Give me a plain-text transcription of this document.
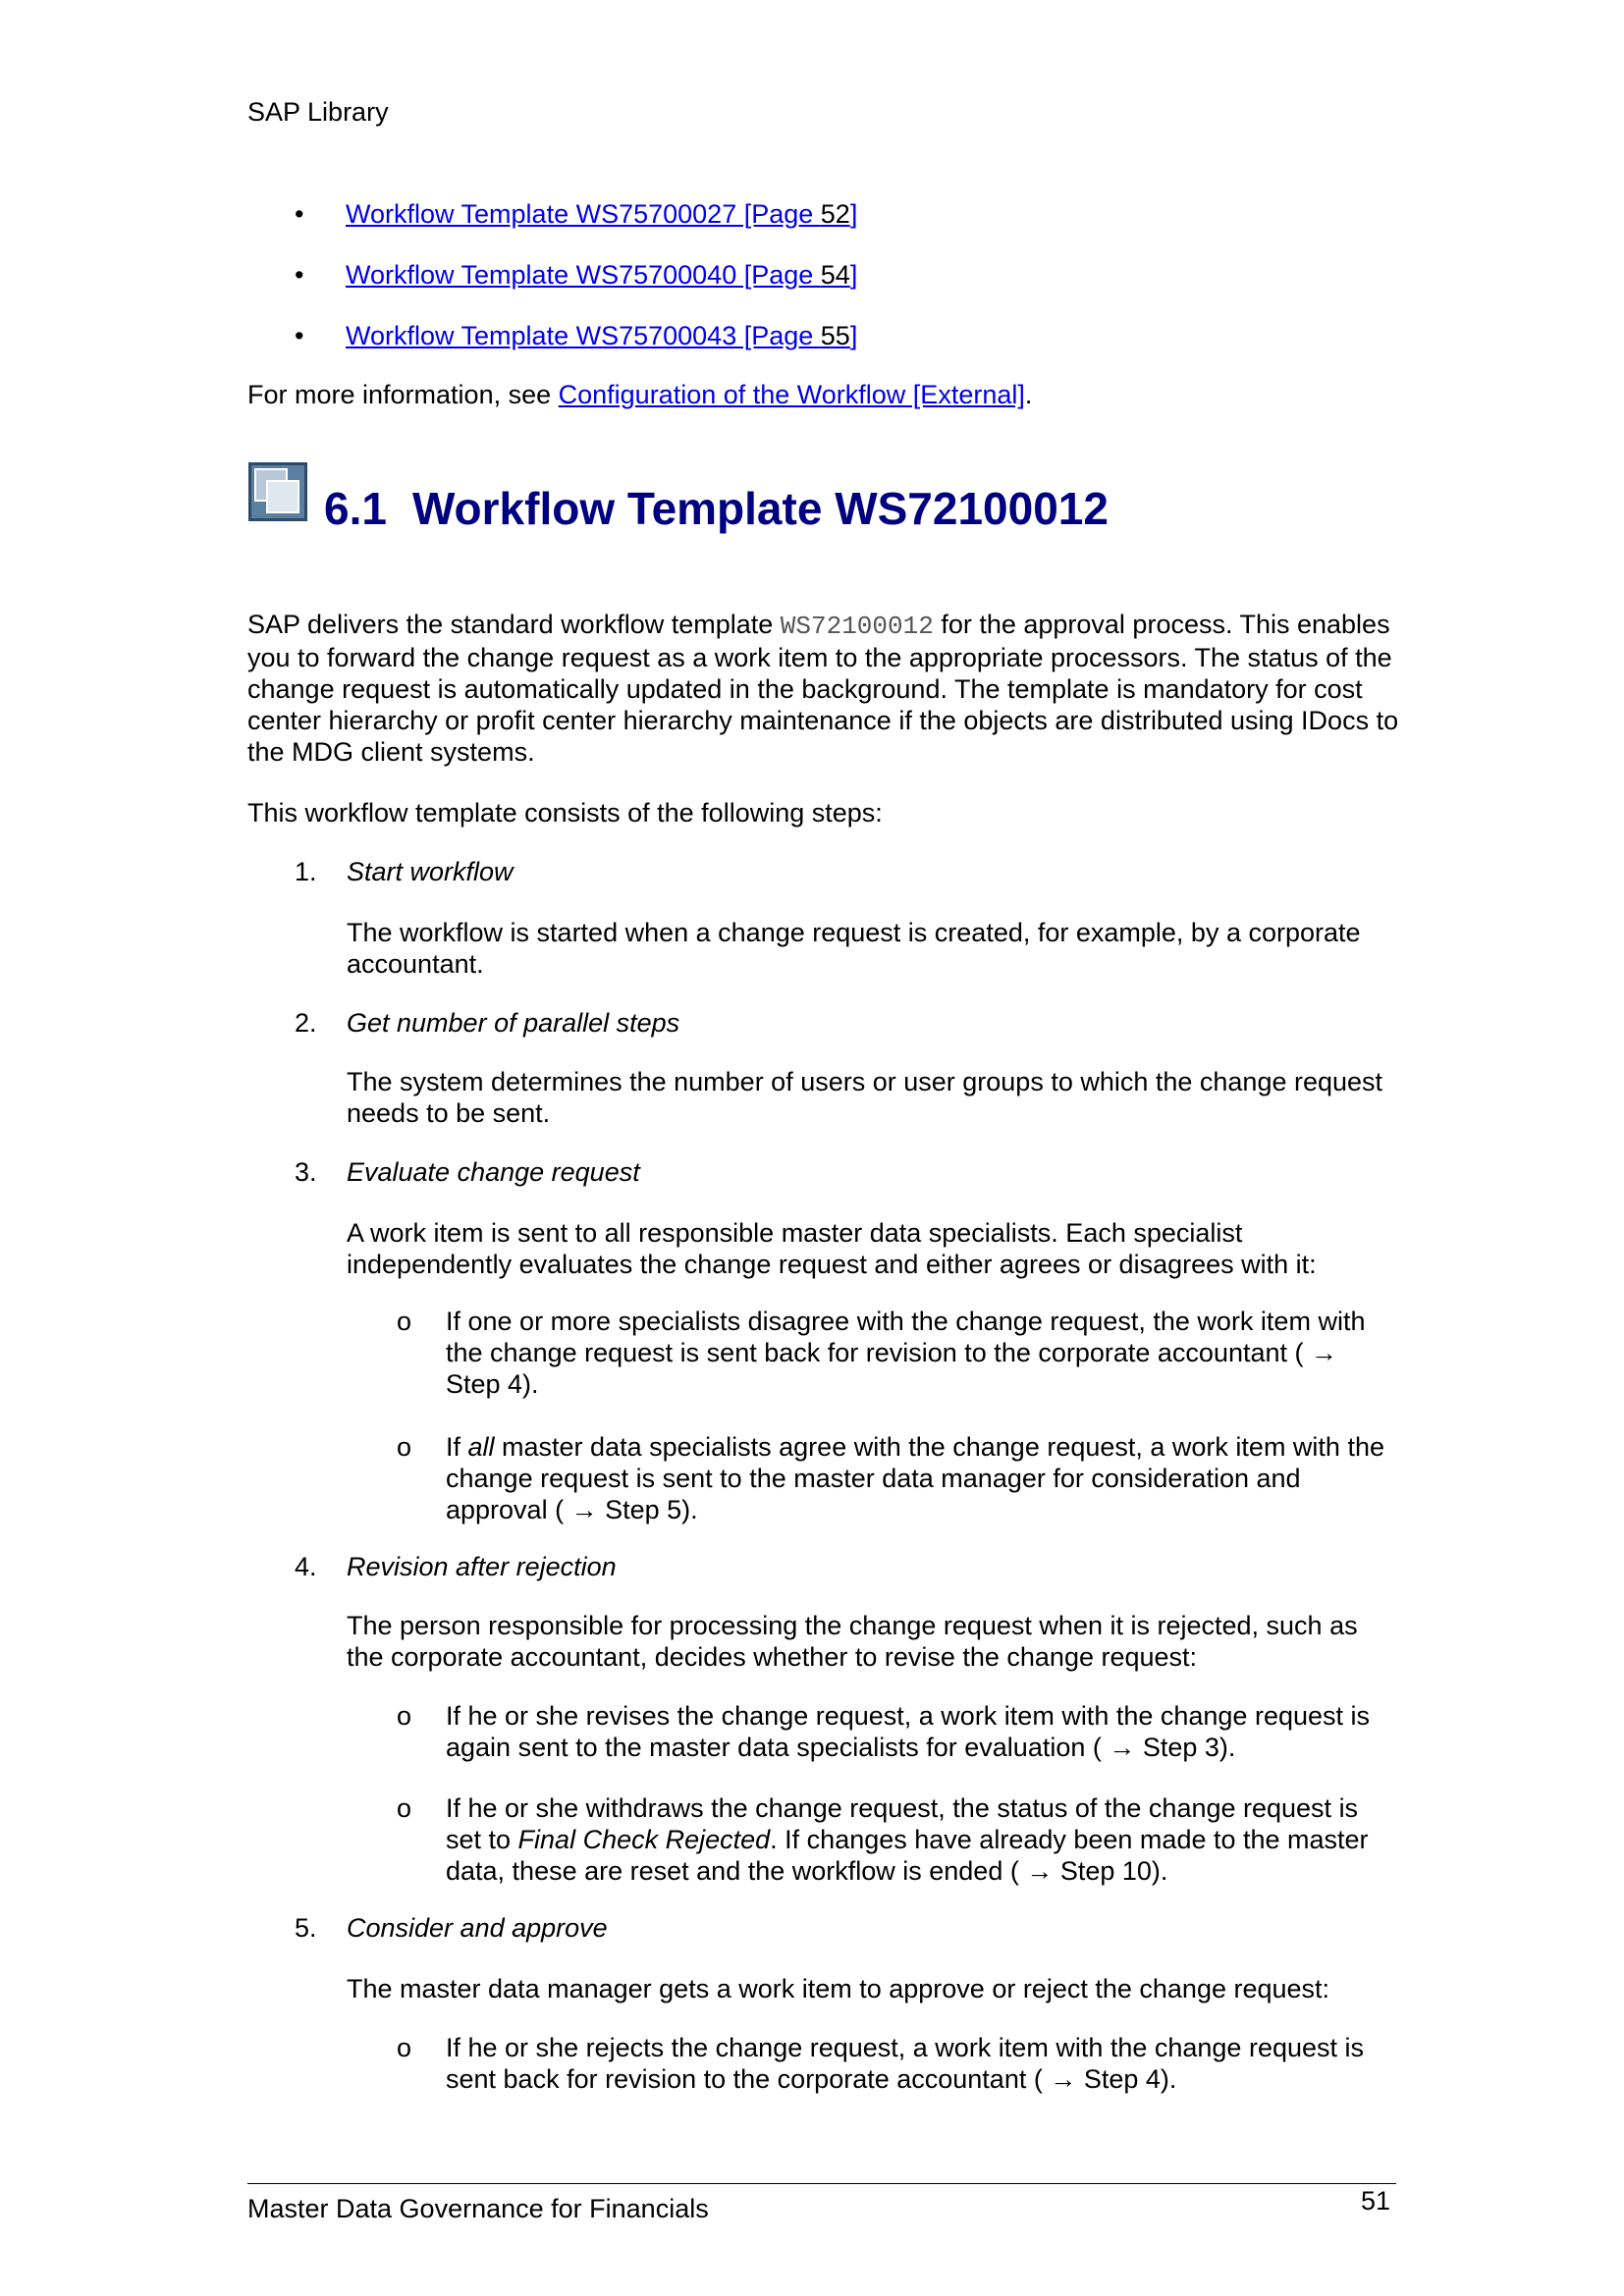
SAP Library
•	Workflow Template WS75700027 [Page 52]
•	Workflow Template WS75700040 [Page 54]
•	Workflow Template WS75700043 [Page 55]
For more information, see Configuration of the Workflow [External].
6.1 Workflow Template WS72100012
SAP delivers the standard workflow template WS72100012 for the approval process. This enables you to forward the change request as a work item to the appropriate processors. The status of the change request is automatically updated in the background. The template is mandatory for cost center hierarchy or profit center hierarchy maintenance if the objects are distributed using IDocs to the MDG client systems.
This workflow template consists of the following steps:
1. Start workflow
The workflow is started when a change request is created, for example, by a corporate accountant.
2. Get number of parallel steps
The system determines the number of users or user groups to which the change request needs to be sent.
3. Evaluate change request
A work item is sent to all responsible master data specialists. Each specialist independently evaluates the change request and either agrees or disagrees with it:
o If one or more specialists disagree with the change request, the work item with the change request is sent back for revision to the corporate accountant ( → Step 4).
o If all master data specialists agree with the change request, a work item with the change request is sent to the master data manager for consideration and approval ( → Step 5).
4. Revision after rejection
The person responsible for processing the change request when it is rejected, such as the corporate accountant, decides whether to revise the change request:
o If he or she revises the change request, a work item with the change request is again sent to the master data specialists for evaluation ( → Step 3).
o If he or she withdraws the change request, the status of the change request is set to Final Check Rejected. If changes have already been made to the master data, these are reset and the workflow is ended ( → Step 10).
5. Consider and approve
The master data manager gets a work item to approve or reject the change request:
o If he or she rejects the change request, a work item with the change request is sent back for revision to the corporate accountant ( → Step 4).
Master Data Governance for Financials	51
